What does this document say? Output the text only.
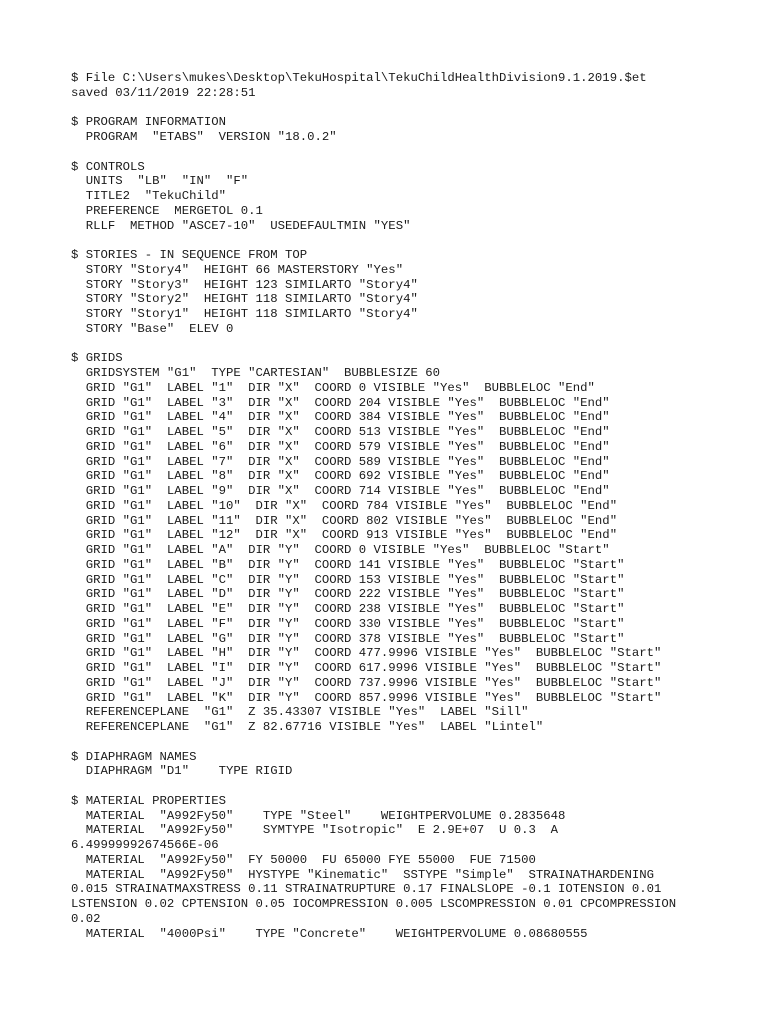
$ File C:\Users\mukes\Desktop\TekuHospital\TekuChildHealthDivision9.1.2019.$et
saved 03/11/2019 22:28:51
$ PROGRAM INFORMATION
PROGRAM  "ETABS"  VERSION "18.0.2"
$ CONTROLS
UNITS  "LB"  "IN"  "F"
TITLE2  "TekuChild"
PREFERENCE  MERGETOL 0.1
RLLF  METHOD "ASCE7-10"  USEDEFAULTMIN "YES"
$ STORIES - IN SEQUENCE FROM TOP
STORY "Story4"  HEIGHT 66 MASTERSTORY "Yes"
STORY "Story3"  HEIGHT 123 SIMILARTO "Story4"
STORY "Story2"  HEIGHT 118 SIMILARTO "Story4"
STORY "Story1"  HEIGHT 118 SIMILARTO "Story4"
STORY "Base"  ELEV 0
$ GRIDS
GRIDSYSTEM "G1"  TYPE "CARTESIAN"  BUBBLESIZE 60
GRID "G1"  LABEL "1"  DIR "X"  COORD 0 VISIBLE "Yes"  BUBBLELOC "End"
GRID "G1"  LABEL "3"  DIR "X"  COORD 204 VISIBLE "Yes"  BUBBLELOC "End"
GRID "G1"  LABEL "4"  DIR "X"  COORD 384 VISIBLE "Yes"  BUBBLELOC "End"
GRID "G1"  LABEL "5"  DIR "X"  COORD 513 VISIBLE "Yes"  BUBBLELOC "End"
GRID "G1"  LABEL "6"  DIR "X"  COORD 579 VISIBLE "Yes"  BUBBLELOC "End"
GRID "G1"  LABEL "7"  DIR "X"  COORD 589 VISIBLE "Yes"  BUBBLELOC "End"
GRID "G1"  LABEL "8"  DIR "X"  COORD 692 VISIBLE "Yes"  BUBBLELOC "End"
GRID "G1"  LABEL "9"  DIR "X"  COORD 714 VISIBLE "Yes"  BUBBLELOC "End"
GRID "G1"  LABEL "10"  DIR "X"  COORD 784 VISIBLE "Yes"  BUBBLELOC "End"
GRID "G1"  LABEL "11"  DIR "X"  COORD 802 VISIBLE "Yes"  BUBBLELOC "End"
GRID "G1"  LABEL "12"  DIR "X"  COORD 913 VISIBLE "Yes"  BUBBLELOC "End"
GRID "G1"  LABEL "A"  DIR "Y"  COORD 0 VISIBLE "Yes"  BUBBLELOC "Start"
GRID "G1"  LABEL "B"  DIR "Y"  COORD 141 VISIBLE "Yes"  BUBBLELOC "Start"
GRID "G1"  LABEL "C"  DIR "Y"  COORD 153 VISIBLE "Yes"  BUBBLELOC "Start"
GRID "G1"  LABEL "D"  DIR "Y"  COORD 222 VISIBLE "Yes"  BUBBLELOC "Start"
GRID "G1"  LABEL "E"  DIR "Y"  COORD 238 VISIBLE "Yes"  BUBBLELOC "Start"
GRID "G1"  LABEL "F"  DIR "Y"  COORD 330 VISIBLE "Yes"  BUBBLELOC "Start"
GRID "G1"  LABEL "G"  DIR "Y"  COORD 378 VISIBLE "Yes"  BUBBLELOC "Start"
GRID "G1"  LABEL "H"  DIR "Y"  COORD 477.9996 VISIBLE "Yes"  BUBBLELOC "Start"
GRID "G1"  LABEL "I"  DIR "Y"  COORD 617.9996 VISIBLE "Yes"  BUBBLELOC "Start"
GRID "G1"  LABEL "J"  DIR "Y"  COORD 737.9996 VISIBLE "Yes"  BUBBLELOC "Start"
GRID "G1"  LABEL "K"  DIR "Y"  COORD 857.9996 VISIBLE "Yes"  BUBBLELOC "Start"
REFERENCEPLANE  "G1"  Z 35.43307 VISIBLE "Yes"  LABEL "Sill"
REFERENCEPLANE  "G1"  Z 82.67716 VISIBLE "Yes"  LABEL "Lintel"
$ DIAPHRAGM NAMES
DIAPHRAGM "D1"    TYPE RIGID
$ MATERIAL PROPERTIES
MATERIAL  "A992Fy50"    TYPE "Steel"    WEIGHTPERVOLUME 0.2835648
MATERIAL  "A992Fy50"    SYMTYPE "Isotropic"  E 2.9E+07  U 0.3  A
6.49999992674566E-06
MATERIAL  "A992Fy50"  FY 50000  FU 65000 FYE 55000  FUE 71500
MATERIAL  "A992Fy50"  HYSTYPE "Kinematic"  SSTYPE "Simple"  STRAINATHARDENING
0.015 STRAINATMAXSTRESS 0.11 STRAINATRUPTURE 0.17 FINALSLOPE -0.1 IOTENSION 0.01
LSTENSION 0.02 CPTENSION 0.05 IOCOMPRESSION 0.005 LSCOMPRESSION 0.01 CPCOMPRESSION
0.02
MATERIAL  "4000Psi"    TYPE "Concrete"    WEIGHTPERVOLUME 0.08680555
